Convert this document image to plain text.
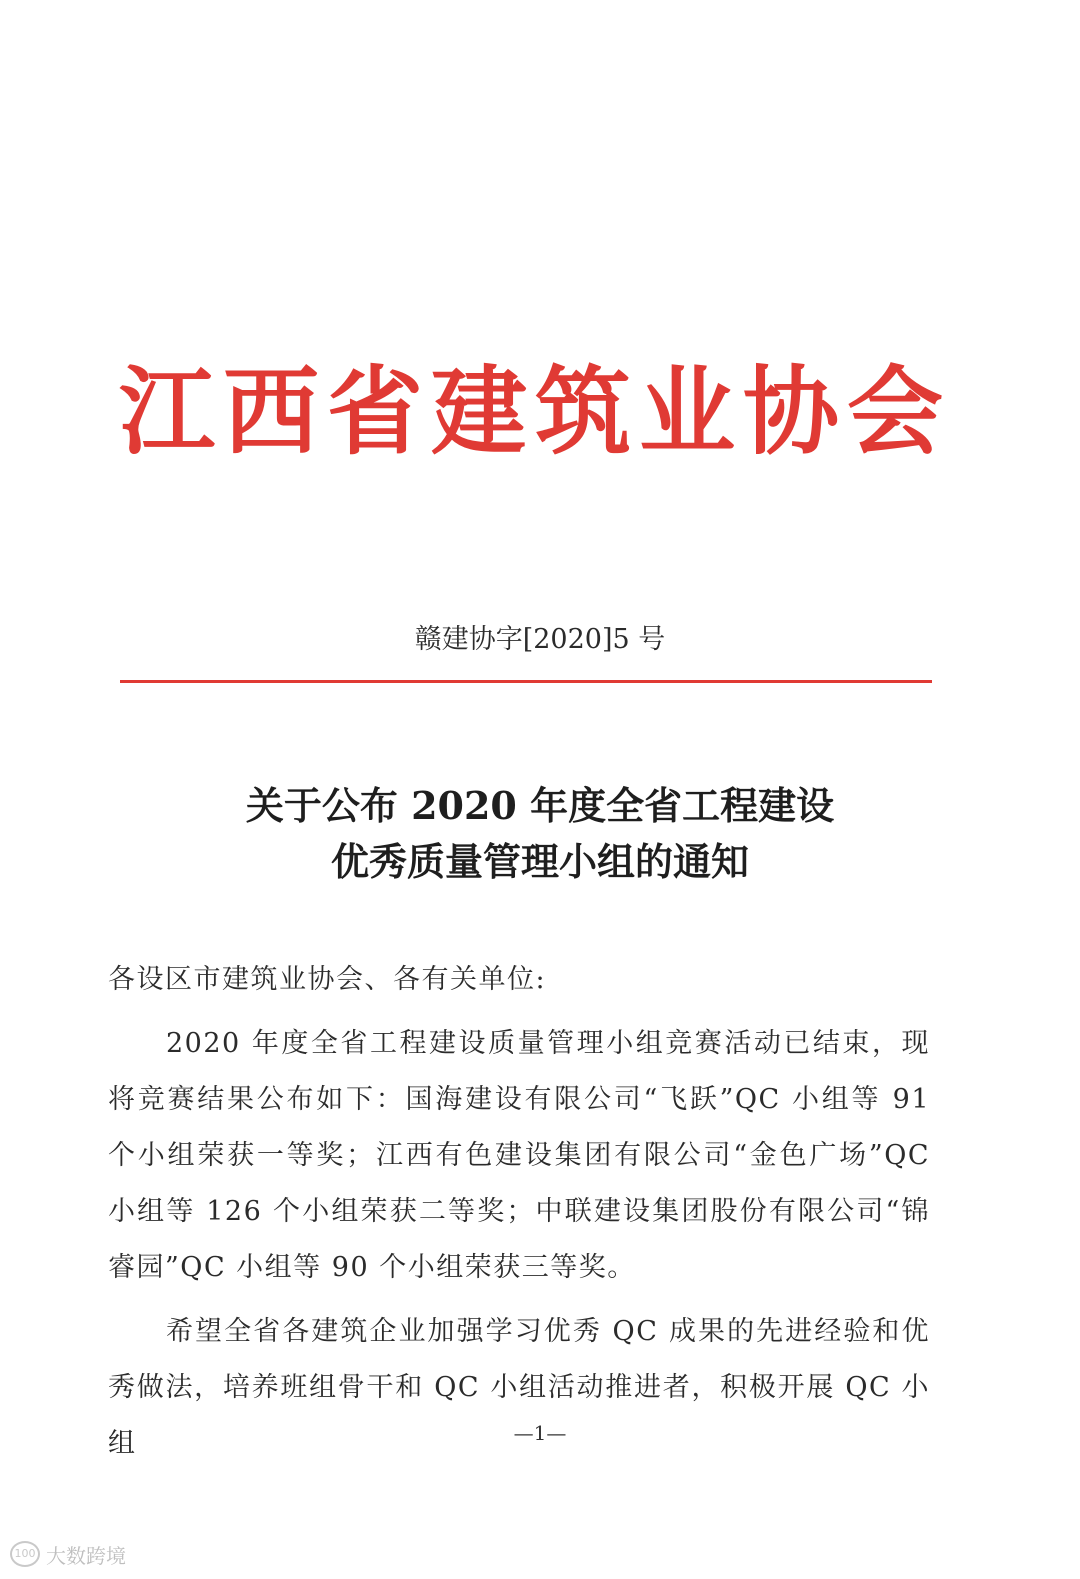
江西省建筑业协会
赣建协字[2020]5 号
关于公布 2020 年度全省工程建设
优秀质量管理小组的通知

各设区市建筑业协会、各有关单位:

2020 年度全省工程建设质量管理小组竞赛活动已结束，现将竞赛结果公布如下：国海建设有限公司“飞跃”QC 小组等 91 个小组荣获一等奖；江西有色建设集团有限公司“金色广场”QC 小组等 126 个小组荣获二等奖；中联建设集团股份有限公司“锦睿园”QC 小组等 90 个小组荣获三等奖。

希望全省各建筑企业加强学习优秀 QC 成果的先进经验和优秀做法，培养班组骨干和 QC 小组活动推进者，积极开展 QC 小组	—1—
100 大数跨境
